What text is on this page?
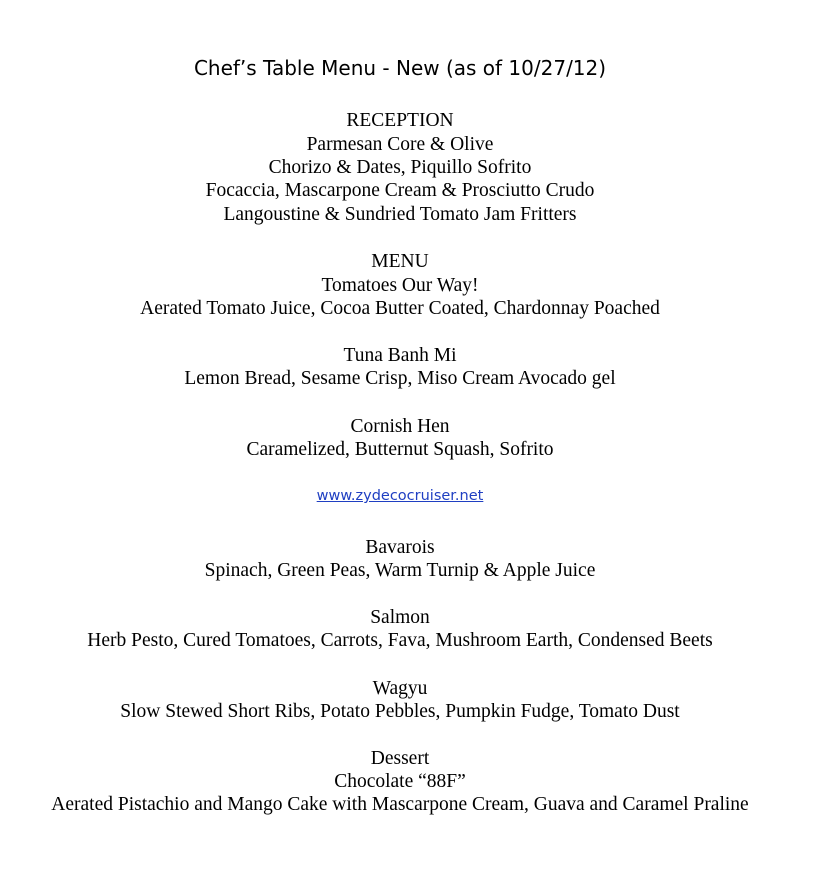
Chef’s Table Menu - New (as of 10/27/12)
RECEPTION
Parmesan Core & Olive
Chorizo & Dates, Piquillo Sofrito
Focaccia, Mascarpone Cream & Prosciutto Crudo
Langoustine & Sundried Tomato Jam Fritters
MENU
Tomatoes Our Way!
Aerated Tomato Juice, Cocoa Butter Coated, Chardonnay Poached
Tuna Banh Mi
Lemon Bread, Sesame Crisp, Miso Cream Avocado gel
Cornish Hen
Caramelized, Butternut Squash, Sofrito
www.zydecocruiser.net
Bavarois
Spinach, Green Peas, Warm Turnip & Apple Juice
Salmon
Herb Pesto, Cured Tomatoes, Carrots, Fava, Mushroom Earth, Condensed Beets
Wagyu
Slow Stewed Short Ribs, Potato Pebbles, Pumpkin Fudge, Tomato Dust
Dessert
Chocolate “88F”
Aerated Pistachio and Mango Cake with Mascarpone Cream, Guava and Caramel Praline
